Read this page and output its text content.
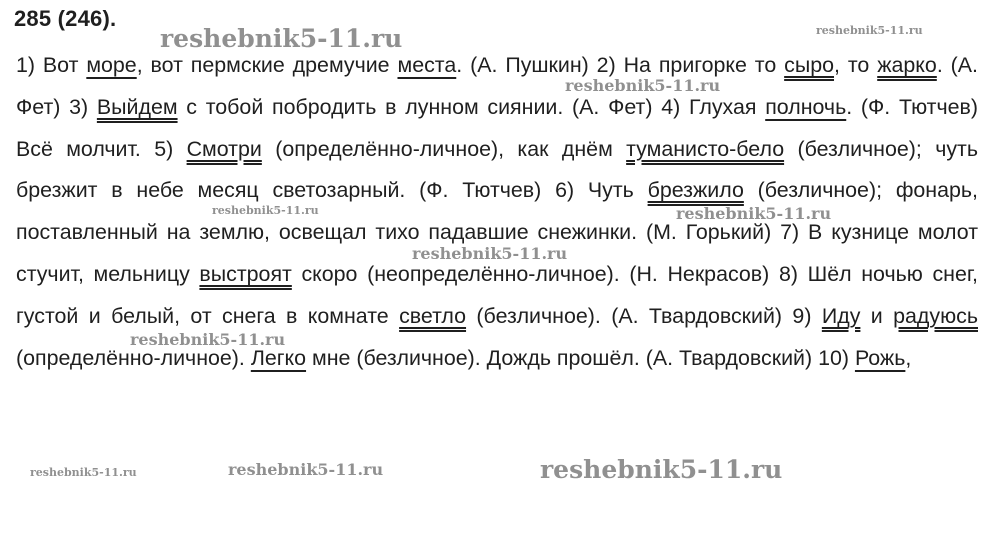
285 (246).
1) Вот море, вот пермские дремучие места. (А. Пушкин) 2) На пригорке то сыро, то жарко. (А. Фет) 3) Выйдем с тобой побродить в лунном сиянии. (А. Фет) 4) Глухая полночь. (Ф. Тютчев) Всё молчит. 5) Смотри (определённо-личное), как днём туманисто-бело (безличное); чуть брезжит в небе месяц светозарный. (Ф. Тютчев) 6) Чуть брезжило (безличное); фонарь, поставленный на землю, освещал тихо падавшие снежинки. (М. Горький) 7) В кузнице молот стучит, мельницу выстроят скоро (неопределённо-личное). (Н. Некрасов) 8) Шёл ночью снег, густой и белый, от снега в комнате светло (безличное). (А. Твардовский) 9) Иду и радуюсь (определённо-личное). Легко мне (безличное). Дождь прошёл. (А. Твардовский) 10) Рожь,
reshebnik5-11.ru	reshebnik5-11.ru
reshebnik5-11.ru
reshebnik5-11.ru	reshebnik5-11.ru
reshebnik5-11.ru
reshebnik5-11.ru
reshebnik5-11.ru	reshebnik5-11.ru	reshebnik5-11.ru
